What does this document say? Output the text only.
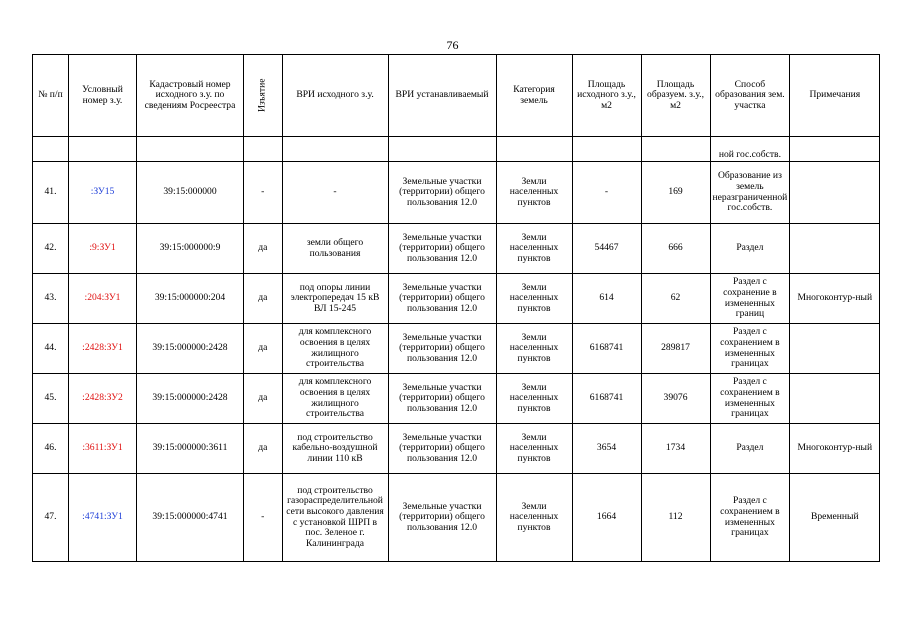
76
№ п/п	Условный номер з.у.	Кадастровый номер исходного з.у. по сведениям Росреестра	Изъятие	ВРИ исходного з.у.	ВРИ устанавливаемый	Категория земель	Площадь исходного з.у., м2	Площадь образуем. з.у., м2	Способ образования зем. участка	Примечания
									ной гос.собств.	
41.	:ЗУ15	39:15:000000	-	-	Земельные участки (территории) общего пользования 12.0	Земли населенных пунктов	-	169	Образование из земель неразграниченной гос.собств.	
42.	:9:ЗУ1	39:15:000000:9	да	земли общего пользования	Земельные участки (территории) общего пользования 12.0	Земли населенных пунктов	54467	666	Раздел	
43.	:204:ЗУ1	39:15:000000:204	да	под опоры линии электропередач 15 кВ ВЛ 15-245	Земельные участки (территории) общего пользования 12.0	Земли населенных пунктов	614	62	Раздел с сохранение в измененных границ	Многоконтур-ный
44.	:2428:ЗУ1	39:15:000000:2428	да	для комплексного освоения в целях жилищного строительства	Земельные участки (территории) общего пользования 12.0	Земли населенных пунктов	6168741	289817	Раздел с сохранением в измененных границах	
45.	:2428:ЗУ2	39:15:000000:2428	да	для комплексного освоения в целях жилищного строительства	Земельные участки (территории) общего пользования 12.0	Земли населенных пунктов	6168741	39076	Раздел с сохранением в измененных границах	
46.	:3611:ЗУ1	39:15:000000:3611	да	под строительство кабельно-воздушной линии 110 кВ	Земельные участки (территории) общего пользования 12.0	Земли населенных пунктов	3654	1734	Раздел	Многоконтур-ный
47.	:4741:ЗУ1	39:15:000000:4741	-	под строительство газораспределительной сети высокого давления с установкой ШРП в пос. Зеленое г. Калининграда	Земельные участки (территории) общего пользования 12.0	Земли населенных пунктов	1664	112	Раздел с сохранением в измененных границах	Временный
